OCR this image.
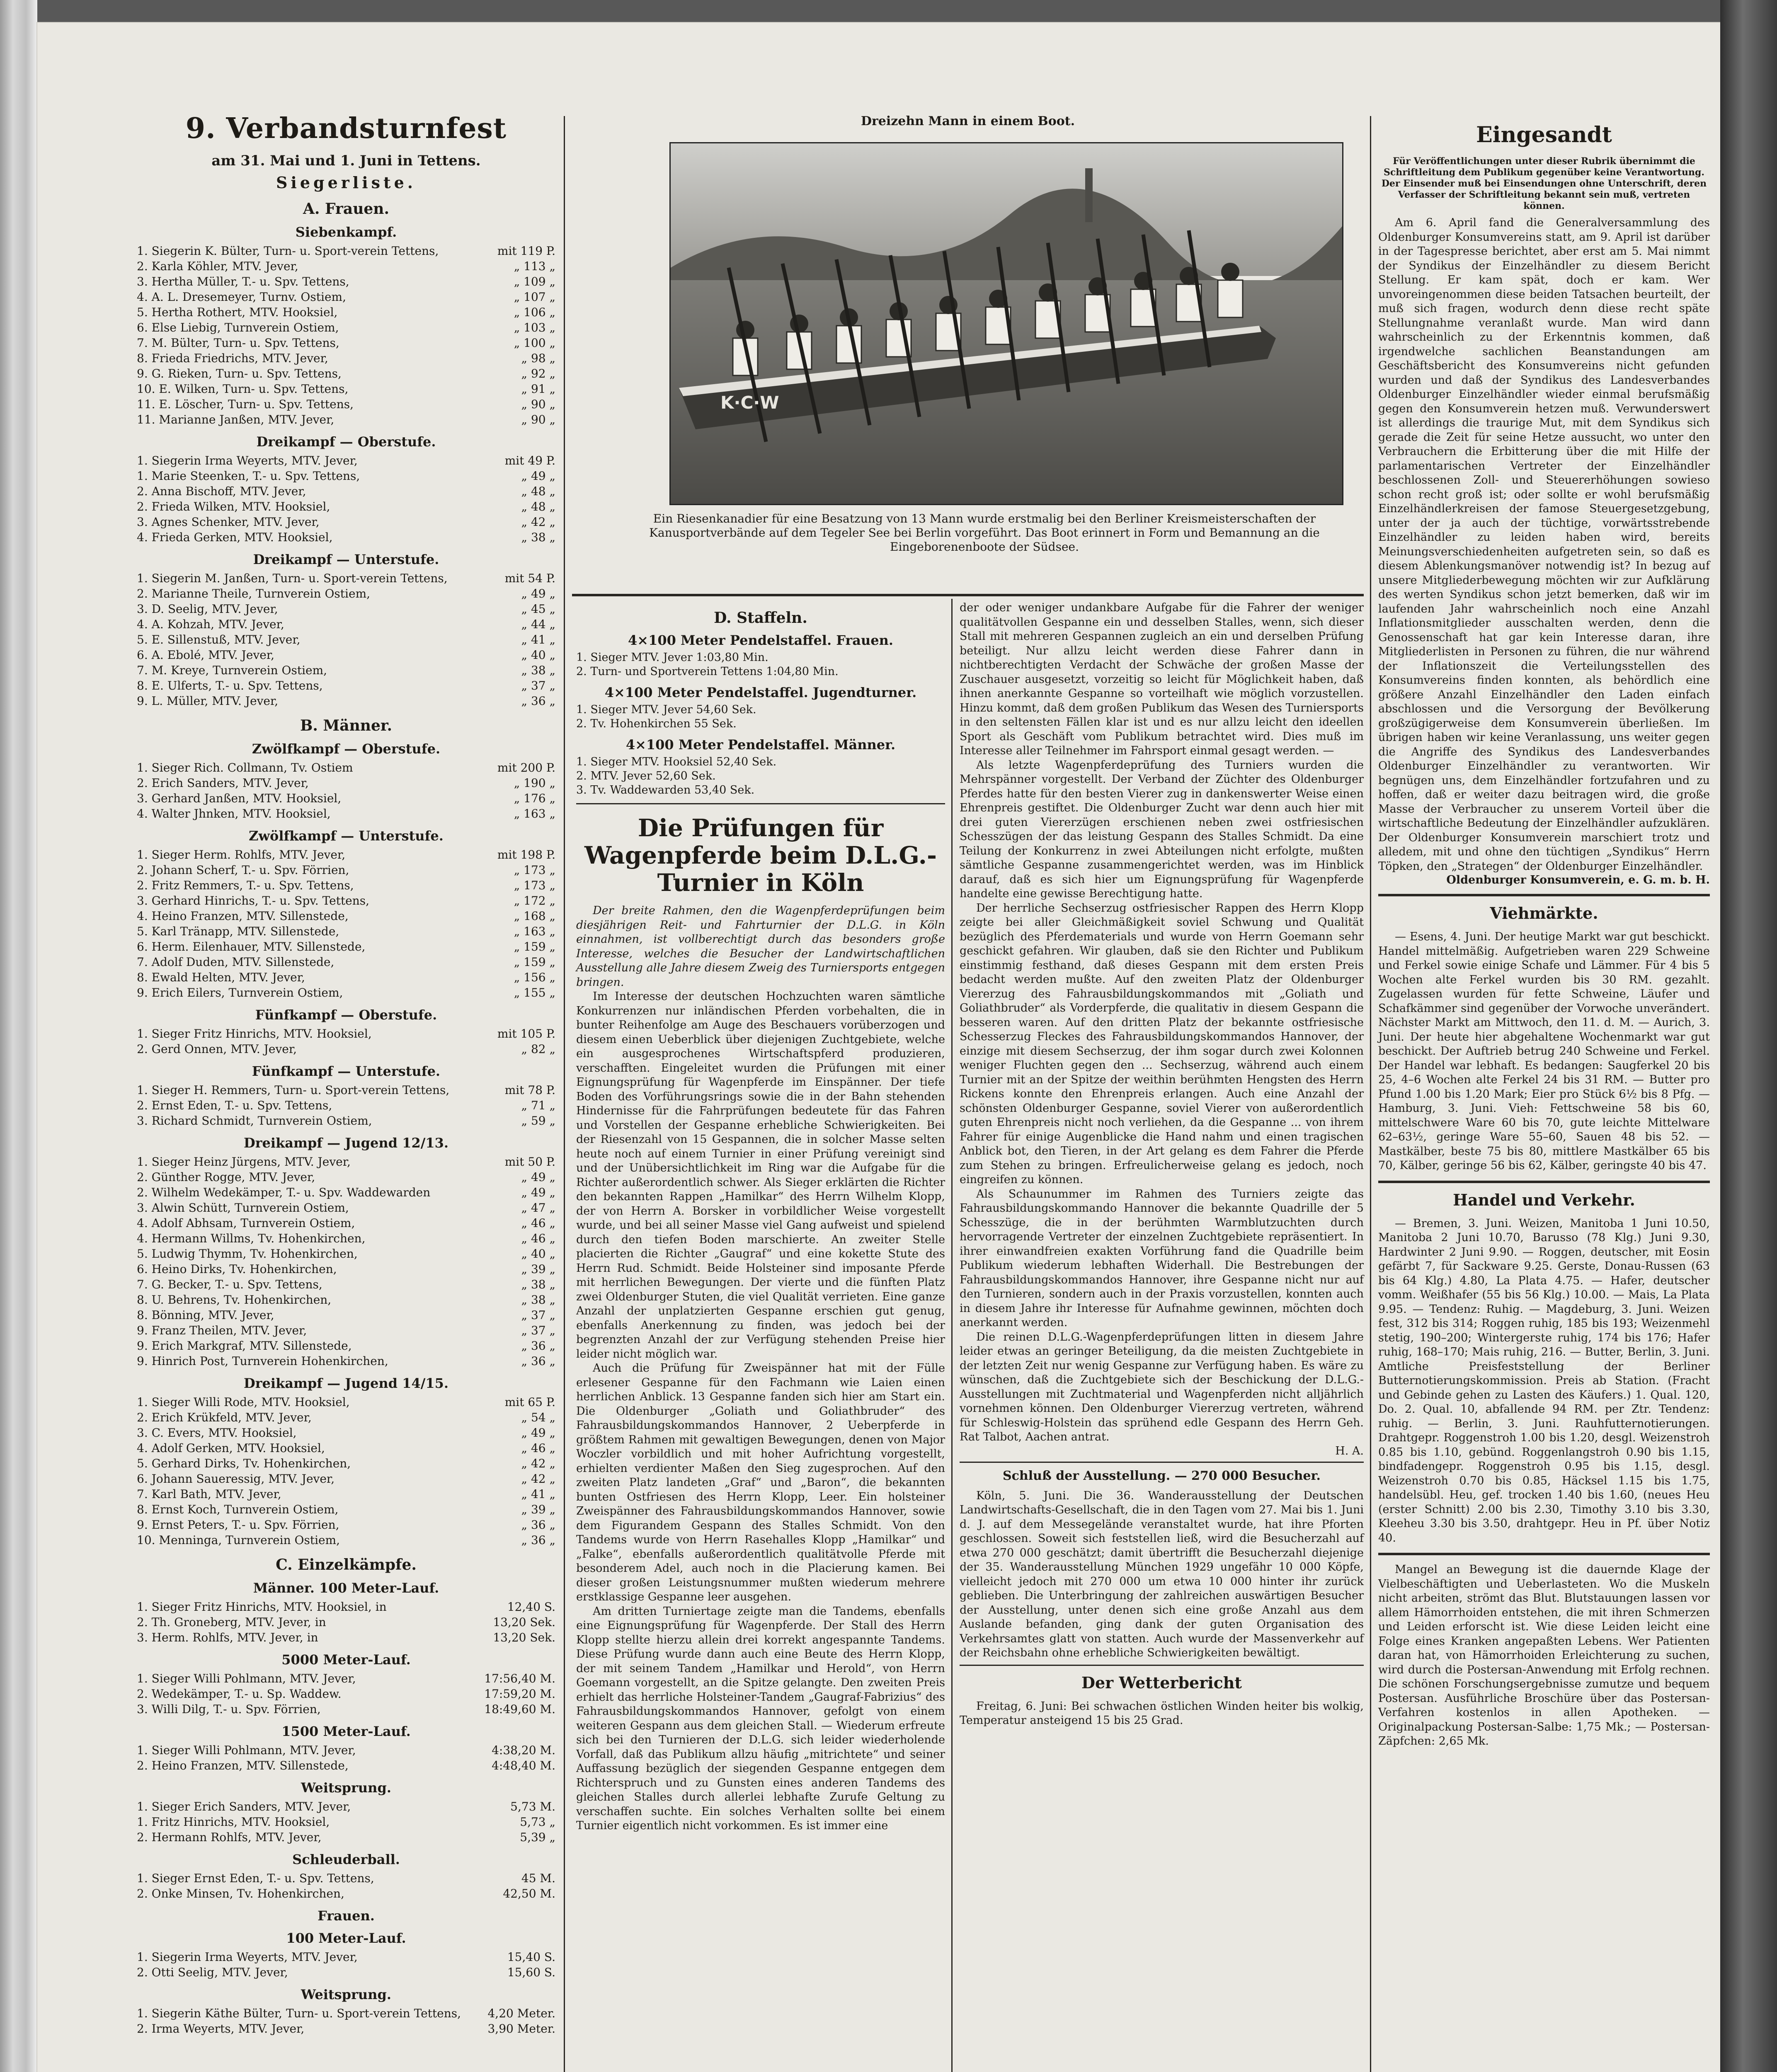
9. Verbandsturnfest
am 31. Mai und 1. Juni in Tettens.
Siegerliste.
A. Frauen.
Siebenkampf.
1. Siegerin K. Bülter, Turn- u. Sport-verein Tettens,	mit 119 P.
2. Karla Köhler, MTV. Jever,	„ 113 „
3. Hertha Müller, T.- u. Spv. Tettens,	„ 109 „
4. A. L. Dresemeyer, Turnv. Ostiem,	„ 107 „
5. Hertha Rothert, MTV. Hooksiel,	„ 106 „
6. Else Liebig, Turnverein Ostiem,	„ 103 „
7. M. Bülter, Turn- u. Spv. Tettens,	„ 100 „
8. Frieda Friedrichs, MTV. Jever,	„ 98 „
9. G. Rieken, Turn- u. Spv. Tettens,	„ 92 „
10. E. Wilken, Turn- u. Spv. Tettens,	„ 91 „
11. E. Löscher, Turn- u. Spv. Tettens,	„ 90 „
11. Marianne Janßen, MTV. Jever,	„ 90 „
Dreikampf — Oberstufe.
1. Siegerin Irma Weyerts, MTV. Jever,	mit 49 P.
1. Marie Steenken, T.- u. Spv. Tettens,	„ 49 „
2. Anna Bischoff, MTV. Jever,	„ 48 „
2. Frieda Wilken, MTV. Hooksiel,	„ 48 „
3. Agnes Schenker, MTV. Jever,	„ 42 „
4. Frieda Gerken, MTV. Hooksiel,	„ 38 „
Dreikampf — Unterstufe.
1. Siegerin M. Janßen, Turn- u. Sport-verein Tettens,	mit 54 P.
2. Marianne Theile, Turnverein Ostiem,	„ 49 „
3. D. Seelig, MTV. Jever,	„ 45 „
4. A. Kohzah, MTV. Jever,	„ 44 „
5. E. Sillenstuß, MTV. Jever,	„ 41 „
6. A. Ebolé, MTV. Jever,	„ 40 „
7. M. Kreye, Turnverein Ostiem,	„ 38 „
8. E. Ulferts, T.- u. Spv. Tettens,	„ 37 „
9. L. Müller, MTV. Jever,	„ 36 „
B. Männer.
Zwölfkampf — Oberstufe.
1. Sieger Rich. Collmann, Tv. Ostiem	mit 200 P.
2. Erich Sanders, MTV. Jever,	„ 190 „
3. Gerhard Janßen, MTV. Hooksiel,	„ 176 „
4. Walter Jhnken, MTV. Hooksiel,	„ 163 „
Zwölfkampf — Unterstufe.
1. Sieger Herm. Rohlfs, MTV. Jever,	mit 198 P.
2. Johann Scherf, T.- u. Spv. Förrien,	„ 173 „
2. Fritz Remmers, T.- u. Spv. Tettens,	„ 173 „
3. Gerhard Hinrichs, T.- u. Spv. Tettens,	„ 172 „
4. Heino Franzen, MTV. Sillenstede,	„ 168 „
5. Karl Tränapp, MTV. Sillenstede,	„ 163 „
6. Herm. Eilenhauer, MTV. Sillenstede,	„ 159 „
7. Adolf Duden, MTV. Sillenstede,	„ 159 „
8. Ewald Helten, MTV. Jever,	„ 156 „
9. Erich Eilers, Turnverein Ostiem,	„ 155 „
Fünfkampf — Oberstufe.
1. Sieger Fritz Hinrichs, MTV. Hooksiel,	mit 105 P.
2. Gerd Onnen, MTV. Jever,	„ 82 „
Fünfkampf — Unterstufe.
1. Sieger H. Remmers, Turn- u. Sport-verein Tettens,	mit 78 P.
2. Ernst Eden, T.- u. Spv. Tettens,	„ 71 „
3. Richard Schmidt, Turnverein Ostiem,	„ 59 „
Dreikampf — Jugend 12/13.
1. Sieger Heinz Jürgens, MTV. Jever,	mit 50 P.
2. Günther Rogge, MTV. Jever,	„ 49 „
2. Wilhelm Wedekämper, T.- u. Spv. Waddewarden	„ 49 „
3. Alwin Schütt, Turnverein Ostiem,	„ 47 „
4. Adolf Abhsam, Turnverein Ostiem,	„ 46 „
4. Hermann Willms, Tv. Hohenkirchen,	„ 46 „
5. Ludwig Thymm, Tv. Hohenkirchen,	„ 40 „
6. Heino Dirks, Tv. Hohenkirchen,	„ 39 „
7. G. Becker, T.- u. Spv. Tettens,	„ 38 „
8. U. Behrens, Tv. Hohenkirchen,	„ 38 „
8. Bönning, MTV. Jever,	„ 37 „
9. Franz Theilen, MTV. Jever,	„ 37 „
9. Erich Markgraf, MTV. Sillenstede,	„ 36 „
9. Hinrich Post, Turnverein Hohenkirchen,	„ 36 „
Dreikampf — Jugend 14/15.
1. Sieger Willi Rode, MTV. Hooksiel,	mit 65 P.
2. Erich Krükfeld, MTV. Jever,	„ 54 „
3. C. Evers, MTV. Hooksiel,	„ 49 „
4. Adolf Gerken, MTV. Hooksiel,	„ 46 „
5. Gerhard Dirks, Tv. Hohenkirchen,	„ 42 „
6. Johann Saueressig, MTV. Jever,	„ 42 „
7. Karl Bath, MTV. Jever,	„ 41 „
8. Ernst Koch, Turnverein Ostiem,	„ 39 „
9. Ernst Peters, T.- u. Spv. Förrien,	„ 36 „
10. Menninga, Turnverein Ostiem,	„ 36 „
C. Einzelkämpfe.
Männer. 100 Meter-Lauf.
1. Sieger Fritz Hinrichs, MTV. Hooksiel, in	12,40 S.
2. Th. Groneberg, MTV. Jever, in	13,20 Sek.
3. Herm. Rohlfs, MTV. Jever, in	13,20 Sek.
5000 Meter-Lauf.
1. Sieger Willi Pohlmann, MTV. Jever,	17:56,40 M.
2. Wedekämper, T.- u. Sp. Waddew.	17:59,20 M.
3. Willi Dilg, T.- u. Spv. Förrien,	18:49,60 M.
1500 Meter-Lauf.
1. Sieger Willi Pohlmann, MTV. Jever,	4:38,20 M.
2. Heino Franzen, MTV. Sillenstede,	4:48,40 M.
Weitsprung.
1. Sieger Erich Sanders, MTV. Jever,	5,73 M.
1. Fritz Hinrichs, MTV. Hooksiel,	5,73 „
2. Hermann Rohlfs, MTV. Jever,	5,39 „
Schleuderball.
1. Sieger Ernst Eden, T.- u. Spv. Tettens,	45 M.
2. Onke Minsen, Tv. Hohenkirchen,	42,50 M.
Frauen.
100 Meter-Lauf.
1. Siegerin Irma Weyerts, MTV. Jever,	15,40 S.
2. Otti Seelig, MTV. Jever,	15,60 S.
Weitsprung.
1. Siegerin Käthe Bülter, Turn- u. Sport-verein Tettens,	4,20 Meter.
2. Irma Weyerts, MTV. Jever,	3,90 Meter.
Dreizehn Mann in einem Boot.
K·C·W
Ein Riesenkanadier für eine Besatzung von 13 Mann wurde erstmalig bei den Berliner Kreismeisterschaften der Kanusportverbände auf dem Tegeler See bei Berlin vorgeführt. Das Boot erinnert in Form und Bemannung an die Eingeborenenboote der Südsee.
D. Staffeln.
4×100 Meter Pendelstaffel. Frauen.
1. Sieger MTV. Jever 1:03,80 Min.
2. Turn- und Sportverein Tettens 1:04,80 Min.
4×100 Meter Pendelstaffel. Jugendturner.
1. Sieger MTV. Jever 54,60 Sek.
2. Tv. Hohenkirchen 55 Sek.
4×100 Meter Pendelstaffel. Männer.
1. Sieger MTV. Hooksiel 52,40 Sek.
2. MTV. Jever 52,60 Sek.
3. Tv. Waddewarden 53,40 Sek.
Die Prüfungen für Wagenpferde beim D.L.G.-Turnier in Köln

Der breite Rahmen, den die Wagenpferdeprüfungen beim diesjährigen Reit- und Fahrturnier der D.L.G. in Köln einnahmen, ist vollberechtigt durch das besonders große Interesse, welches die Besucher der Landwirtschaftlichen Ausstellung alle Jahre diesem Zweig des Turniersports entgegen bringen.

Im Interesse der deutschen Hochzuchten waren sämtliche Konkurrenzen nur inländischen Pferden vorbehalten, die in bunter Reihenfolge am Auge des Beschauers vorüberzogen und diesem einen Ueberblick über diejenigen Zuchtgebiete, welche ein ausgesprochenes Wirtschaftspferd produzieren, verschafften. Eingeleitet wurden die Prüfungen mit einer Eignungsprüfung für Wagenpferde im Einspänner. Der tiefe Boden des Vorführungsrings sowie die in der Bahn stehenden Hindernisse für die Fahrprüfungen bedeutete für das Fahren und Vorstellen der Gespanne erhebliche Schwierigkeiten. Bei der Riesenzahl von 15 Gespannen, die in solcher Masse selten heute noch auf einem Turnier in einer Prüfung vereinigt sind und der Unübersichtlichkeit im Ring war die Aufgabe für die Richter außerordentlich schwer. Als Sieger erklärten die Richter den bekannten Rappen „Hamilkar“ des Herrn Wilhelm Klopp, der von Herrn A. Borsker in vorbildlicher Weise vorgestellt wurde, und bei all seiner Masse viel Gang aufweist und spielend durch den tiefen Boden marschierte. An zweiter Stelle placierten die Richter „Gaugraf“ und eine kokette Stute des Herrn Rud. Schmidt. Beide Holsteiner sind imposante Pferde mit herrlichen Bewegungen. Der vierte und die fünften Platz zwei Oldenburger Stuten, die viel Qualität verrieten. Eine ganze Anzahl der unplatzierten Gespanne erschien gut genug, ebenfalls Anerkennung zu finden, was jedoch bei der begrenzten Anzahl der zur Verfügung stehenden Preise hier leider nicht möglich war.

Auch die Prüfung für Zweispänner hat mit der Fülle erlesener Gespanne für den Fachmann wie Laien einen herrlichen Anblick. 13 Gespanne fanden sich hier am Start ein. Die Oldenburger „Goliath und Goliathbruder“ des Fahrausbildungskommandos Hannover, 2 Ueberpferde in größtem Rahmen mit gewaltigen Bewegungen, denen von Major Woczler vorbildlich und mit hoher Aufrichtung vorgestellt, erhielten verdienter Maßen den Sieg zugesprochen. Auf den zweiten Platz landeten „Graf“ und „Baron“, die bekannten bunten Ostfriesen des Herrn Klopp, Leer. Ein holsteiner Zweispänner des Fahrausbildungskommandos Hannover, sowie dem Figurandem Gespann des Stalles Schmidt. Von den Tandems wurde von Herrn Rasehalles Klopp „Hamilkar“ und „Falke“, ebenfalls außerordentlich qualitätvolle Pferde mit besonderem Adel, auch noch in die Placierung kamen. Bei dieser großen Leistungsnummer mußten wiederum mehrere erstklassige Gespanne leer ausgehen.

Am dritten Turniertage zeigte man die Tandems, ebenfalls eine Eignungsprüfung für Wagenpferde. Der Stall des Herrn Klopp stellte hierzu allein drei korrekt angespannte Tandems. Diese Prüfung wurde dann auch eine Beute des Herrn Klopp, der mit seinem Tandem „Hamilkar und Herold“, von Herrn Goemann vorgestellt, an die Spitze gelangte. Den zweiten Preis erhielt das herrliche Holsteiner-Tandem „Gaugraf-Fabrizius“ des Fahrausbildungskommandos Hannover, gefolgt von einem weiteren Gespann aus dem gleichen Stall. — Wiederum erfreute sich bei den Turnieren der D.L.G. sich leider wiederholende Vorfall, daß das Publikum allzu häufig „mitrichtete“ und seiner Auffassung bezüglich der siegenden Gespanne entgegen dem Richterspruch und zu Gunsten eines anderen Tandems des gleichen Stalles durch allerlei lebhafte Zurufe Geltung zu verschaffen suchte. Ein solches Verhalten sollte bei einem Turnier eigentlich nicht vorkommen. Es ist immer eine

der oder weniger undankbare Aufgabe für die Fahrer der weniger qualitätvollen Gespanne ein und desselben Stalles, wenn, sich dieser Stall mit mehreren Gespannen zugleich an ein und derselben Prüfung beteiligt. Nur allzu leicht werden diese Fahrer dann in nichtberechtigten Verdacht der Schwäche der großen Masse der Zuschauer ausgesetzt, vorzeitig so leicht für Möglichkeit haben, daß ihnen anerkannte Gespanne so vorteilhaft wie möglich vorzustellen. Hinzu kommt, daß dem großen Publikum das Wesen des Turniersports in den seltensten Fällen klar ist und es nur allzu leicht den ideellen Sport als Geschäft vom Publikum betrachtet wird. Dies muß im Interesse aller Teilnehmer im Fahrsport einmal gesagt werden. —

Als letzte Wagenpferdeprüfung des Turniers wurden die Mehrspänner vorgestellt. Der Verband der Züchter des Oldenburger Pferdes hatte für den besten Vierer zug in dankenswerter Weise einen Ehrenpreis gestiftet. Die Oldenburger Zucht war denn auch hier mit drei guten Viererzügen erschienen neben zwei ostfriesischen Schesszügen der das leistung Gespann des Stalles Schmidt. Da eine Teilung der Konkurrenz in zwei Abteilungen nicht erfolgte, mußten sämtliche Gespanne zusammengerichtet werden, was im Hinblick darauf, daß es sich hier um Eignungsprüfung für Wagenpferde handelte eine gewisse Berechtigung hatte.

Der herrliche Sechserzug ostfriesischer Rappen des Herrn Klopp zeigte bei aller Gleichmäßigkeit soviel Schwung und Qualität bezüglich des Pferdematerials und wurde von Herrn Goemann sehr geschickt gefahren. Wir glauben, daß sie den Richter und Publikum einstimmig festhand, daß dieses Gespann mit dem ersten Preis bedacht werden mußte. Auf den zweiten Platz der Oldenburger Viererzug des Fahrausbildungskommandos mit „Goliath und Goliathbruder“ als Vorderpferde, die qualitativ in diesem Gespann die besseren waren. Auf den dritten Platz der bekannte ostfriesische Schesserzug Fleckes des Fahrausbildungskommandos Hannover, der einzige mit diesem Sechserzug, der ihm sogar durch zwei Kolonnen weniger Fluchten gegen den ... Sechserzug, während auch einem Turnier mit an der Spitze der weithin berühmten Hengsten des Herrn Rickens konnte den Ehrenpreis erlangen. Auch eine Anzahl der schönsten Oldenburger Gespanne, soviel Vierer von außerordentlich guten Ehrenpreis nicht noch verliehen, da die Gespanne ... von ihrem Fahrer für einige Augenblicke die Hand nahm und einen tragischen Anblick bot, den Tieren, in der Art gelang es dem Fahrer die Pferde zum Stehen zu bringen. Erfreulicherweise gelang es jedoch, noch eingreifen zu können.

Als Schaunummer im Rahmen des Turniers zeigte das Fahrausbildungskommando Hannover die bekannte Quadrille der 5 Schesszüge, die in der berühmten Warmblutzuchten durch hervorragende Vertreter der einzelnen Zuchtgebiete repräsentiert. In ihrer einwandfreien exakten Vorführung fand die Quadrille beim Publikum wiederum lebhaften Widerhall. Die Bestrebungen der Fahrausbildungskommandos Hannover, ihre Gespanne nicht nur auf den Turnieren, sondern auch in der Praxis vorzustellen, konnten auch in diesem Jahre ihr Interesse für Aufnahme gewinnen, möchten doch anerkannt werden.

Die reinen D.L.G.-Wagenpferdeprüfungen litten in diesem Jahre leider etwas an geringer Beteiligung, da die meisten Zuchtgebiete in der letzten Zeit nur wenig Gespanne zur Verfügung haben. Es wäre zu wünschen, daß die Zuchtgebiete sich der Beschickung der D.L.G.-Ausstellungen mit Zuchtmaterial und Wagenpferden nicht alljährlich vornehmen können. Den Oldenburger Viererzug vertreten, während für Schleswig-Holstein das sprühend edle Gespann des Herrn Geh. Rat Talbot, Aachen antrat.

H. A.
Schluß der Ausstellung. — 270 000 Besucher.

Köln, 5. Juni. Die 36. Wanderausstellung der Deutschen Landwirtschafts-Gesellschaft, die in den Tagen vom 27. Mai bis 1. Juni d. J. auf dem Messegelände veranstaltet wurde, hat ihre Pforten geschlossen. Soweit sich feststellen ließ, wird die Besucherzahl auf etwa 270 000 geschätzt; damit übertrifft die Besucherzahl diejenige der 35. Wanderausstellung München 1929 ungefähr 10 000 Köpfe, vielleicht jedoch mit 270 000 um etwa 10 000 hinter ihr zurück geblieben. Die Unterbringung der zahlreichen auswärtigen Besucher der Ausstellung, unter denen sich eine große Anzahl aus dem Auslande befanden, ging dank der guten Organisation des Verkehrsamtes glatt von statten. Auch wurde der Massenverkehr auf der Reichsbahn ohne erhebliche Schwierigkeiten bewältigt.

Der Wetterbericht

Freitag, 6. Juni: Bei schwachen östlichen Winden heiter bis wolkig, Temperatur ansteigend 15 bis 25 Grad.

Eingesandt
Für Veröffentlichungen unter dieser Rubrik übernimmt die Schriftleitung dem Publikum gegenüber keine Verantwortung. Der Einsender muß bei Einsendungen ohne Unterschrift, deren Verfasser der Schriftleitung bekannt sein muß, vertreten können.

Am 6. April fand die Generalversammlung des Oldenburger Konsumvereins statt, am 9. April ist darüber in der Tagespresse berichtet, aber erst am 5. Mai nimmt der Syndikus der Einzelhändler zu diesem Bericht Stellung. Er kam spät, doch er kam. Wer unvoreingenommen diese beiden Tatsachen beurteilt, der muß sich fragen, wodurch denn diese recht späte Stellungnahme veranlaßt wurde. Man wird dann wahrscheinlich zu der Erkenntnis kommen, daß irgendwelche sachlichen Beanstandungen am Geschäftsbericht des Konsumvereins nicht gefunden wurden und daß der Syndikus des Landesverbandes Oldenburger Einzelhändler wieder einmal berufsmäßig gegen den Konsumverein hetzen muß. Verwunderswert ist allerdings die traurige Mut, mit dem Syndikus sich gerade die Zeit für seine Hetze aussucht, wo unter den Verbrauchern die Erbitterung über die mit Hilfe der parlamentarischen Vertreter der Einzelhändler beschlossenen Zoll- und Steuererhöhungen sowieso schon recht groß ist; oder sollte er wohl berufsmäßig Einzelhändlerkreisen der famose Steuergesetzgebung, unter der ja auch der tüchtige, vorwärtsstrebende Einzelhändler zu leiden haben wird, bereits Meinungsverschiedenheiten aufgetreten sein, so daß es diesem Ablenkungsmanöver notwendig ist? In bezug auf unsere Mitgliederbewegung möchten wir zur Aufklärung des werten Syndikus schon jetzt bemerken, daß wir im laufenden Jahr wahrscheinlich noch eine Anzahl Inflationsmitglieder ausschalten werden, denn die Genossenschaft hat gar kein Interesse daran, ihre Mitgliederlisten in Personen zu führen, die nur während der Inflationszeit die Verteilungsstellen des Konsumvereins finden konnten, als behördlich eine größere Anzahl Einzelhändler den Laden einfach abschlossen und die Versorgung der Bevölkerung großzügigerweise dem Konsumverein überließen. Im übrigen haben wir keine Veranlassung, uns weiter gegen die Angriffe des Syndikus des Landesverbandes Oldenburger Einzelhändler zu verantworten. Wir begnügen uns, dem Einzelhändler fortzufahren und zu hoffen, daß er weiter dazu beitragen wird, die große Masse der Verbraucher zu unserem Vorteil über die wirtschaftliche Bedeutung der Einzelhändler aufzuklären. Der Oldenburger Konsumverein marschiert trotz und alledem, mit und ohne den tüchtigen „Syndikus“ Herrn Töpken, den „Strategen“ der Oldenburger Einzelhändler.

Oldenburger Konsumverein, e. G. m. b. H.
Viehmärkte.

— Esens, 4. Juni. Der heutige Markt war gut beschickt. Handel mittelmäßig. Aufgetrieben waren 229 Schweine und Ferkel sowie einige Schafe und Lämmer. Für 4 bis 5 Wochen alte Ferkel wurden bis 30 RM. gezahlt. Zugelassen wurden für fette Schweine, Läufer und Schafkämmer sind gegenüber der Vorwoche unverändert. Nächster Markt am Mittwoch, den 11. d. M. — Aurich, 3. Juni. Der heute hier abgehaltene Wochenmarkt war gut beschickt. Der Auftrieb betrug 240 Schweine und Ferkel. Der Handel war lebhaft. Es bedangen: Saugferkel 20 bis 25, 4–6 Wochen alte Ferkel 24 bis 31 RM. — Butter pro Pfund 1.00 bis 1.20 Mark; Eier pro Stück 6½ bis 8 Pfg. — Hamburg, 3. Juni. Vieh: Fettschweine 58 bis 60, mittelschwere Ware 60 bis 70, gute leichte Mittelware 62–63½, geringe Ware 55–60, Sauen 48 bis 52. — Mastkälber, beste 75 bis 80, mittlere Mastkälber 65 bis 70, Kälber, geringe 56 bis 62, Kälber, geringste 40 bis 47.

Handel und Verkehr.

— Bremen, 3. Juni. Weizen, Manitoba 1 Juni 10.50, Manitoba 2 Juni 10.70, Barusso (78 Klg.) Juni 9.30, Hardwinter 2 Juni 9.90. — Roggen, deutscher, mit Eosin gefärbt 7, für Sackware 9.25. Gerste, Donau-Russen (63 bis 64 Klg.) 4.80, La Plata 4.75. — Hafer, deutscher vomm. Weißhafer (55 bis 56 Klg.) 10.00. — Mais, La Plata 9.95. — Tendenz: Ruhig. — Magdeburg, 3. Juni. Weizen fest, 312 bis 314; Roggen ruhig, 185 bis 193; Weizenmehl stetig, 190–200; Wintergerste ruhig, 174 bis 176; Hafer ruhig, 168–170; Mais ruhig, 216. — Butter, Berlin, 3. Juni. Amtliche Preisfeststellung der Berliner Butternotierungskommission. Preis ab Station. (Fracht und Gebinde gehen zu Lasten des Käufers.) 1. Qual. 120, Do. 2. Qual. 10, abfallende 94 RM. per Ztr. Tendenz: ruhig. — Berlin, 3. Juni. Rauhfutternotierungen. Drahtgepr. Roggenstroh 1.00 bis 1.20, desgl. Weizenstroh 0.85 bis 1.10, gebünd. Roggenlangstroh 0.90 bis 1.15, bindfadengepr. Roggenstroh 0.95 bis 1.15, desgl. Weizenstroh 0.70 bis 0.85, Häcksel 1.15 bis 1.75, handelsübl. Heu, gef. trocken 1.40 bis 1.60, (neues Heu (erster Schnitt) 2.00 bis 2.30, Timothy 3.10 bis 3.30, Kleeheu 3.30 bis 3.50, drahtgepr. Heu in Pf. über Notiz 40.

Mangel an Bewegung ist die dauernde Klage der Vielbeschäftigten und Ueberlasteten. Wo die Muskeln nicht arbeiten, strömt das Blut. Blutstauungen lassen vor allem Hämorrhoiden entstehen, die mit ihren Schmerzen und Leiden erforscht ist. Wie diese Leiden leicht eine Folge eines Kranken angepaßten Lebens. Wer Patienten daran hat, von Hämorrhoiden Erleichterung zu suchen, wird durch die Postersan-Anwendung mit Erfolg rechnen. Die schönen Forschungsergebnisse zumutze und bequem Postersan. Ausführliche Broschüre über das Postersan-Verfahren kostenlos in allen Apotheken. — Originalpackung Postersan-Salbe: 1,75 Mk.; — Postersan-Zäpfchen: 2,65 Mk.
